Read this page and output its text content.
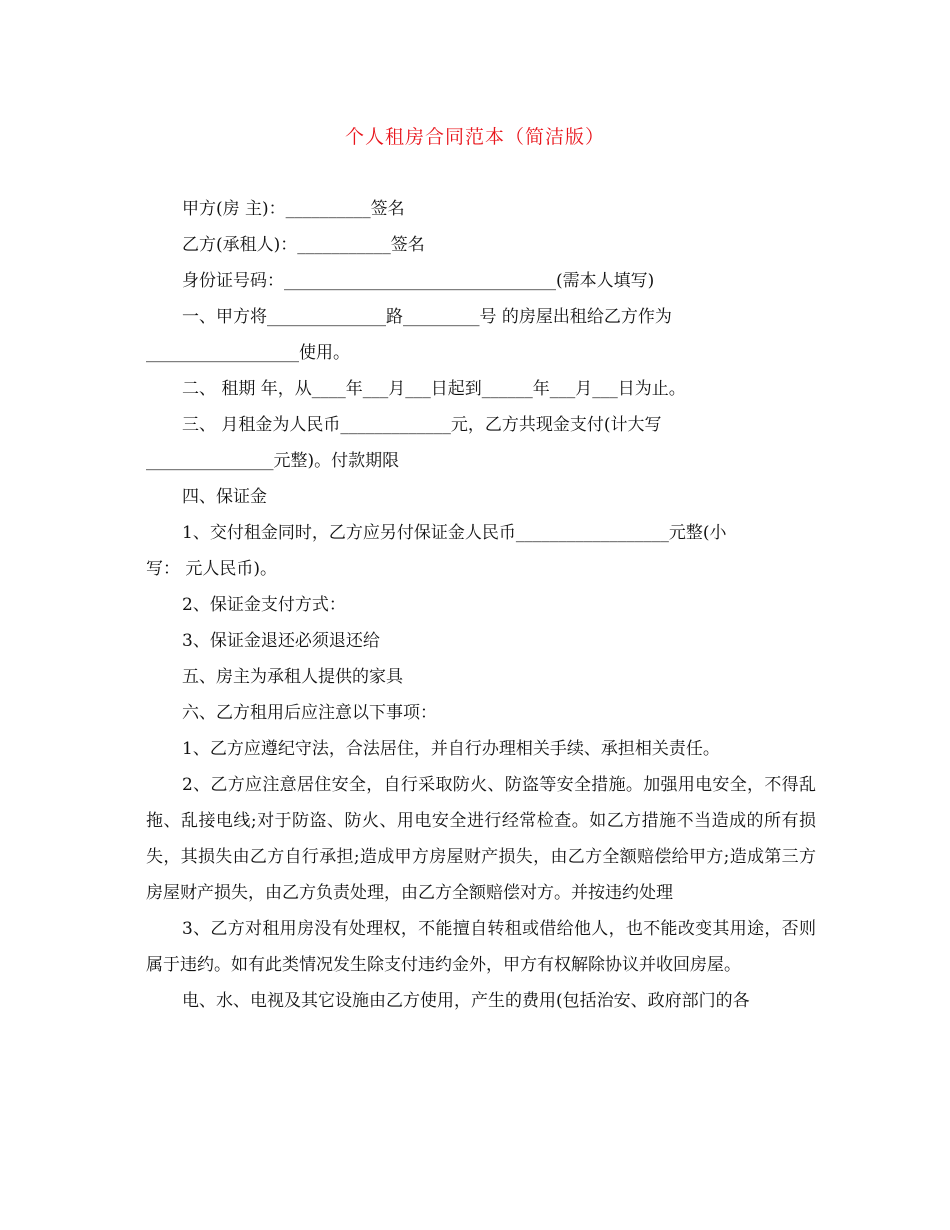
个人租房合同范本（简洁版）
甲方(房 主)：__________签名
乙方(承租人)：___________签名
身份证号码：________________________________(需本人填写)
一、甲方将______________路_________号 的房屋出租给乙方作为
__________________使用。
二、 租期 年，从____年___月___日起到______年___月___日为止。
三、 月租金为人民币_____________元，乙方共现金支付(计大写
_______________元整)。付款期限
四、保证金
1、交付租金同时，乙方应另付保证金人民币__________________元整(小
写： 元人民币)。
2、保证金支付方式：
3、保证金退还必须退还给
五、房主为承租人提供的家具
六、乙方租用后应注意以下事项：
1、乙方应遵纪守法，合法居住，并自行办理相关手续、承担相关责任。

2、乙方应注意居住安全，自行采取防火、防盗等安全措施。加强用电安全，不得乱拖、乱接电线;对于防盗、防火、用电安全进行经常检查。如乙方措施不当造成的所有损失，其损失由乙方自行承担;造成甲方房屋财产损失，由乙方全额赔偿给甲方;造成第三方房屋财产损失，由乙方负责处理，由乙方全额赔偿对方。并按违约处理

3、乙方对租用房没有处理权，不能擅自转租或借给他人，也不能改变其用途，否则属于违约。如有此类情况发生除支付违约金外，甲方有权解除协议并收回房屋。

电、水、电视及其它设施由乙方使用，产生的费用(包括治安、政府部门的各
